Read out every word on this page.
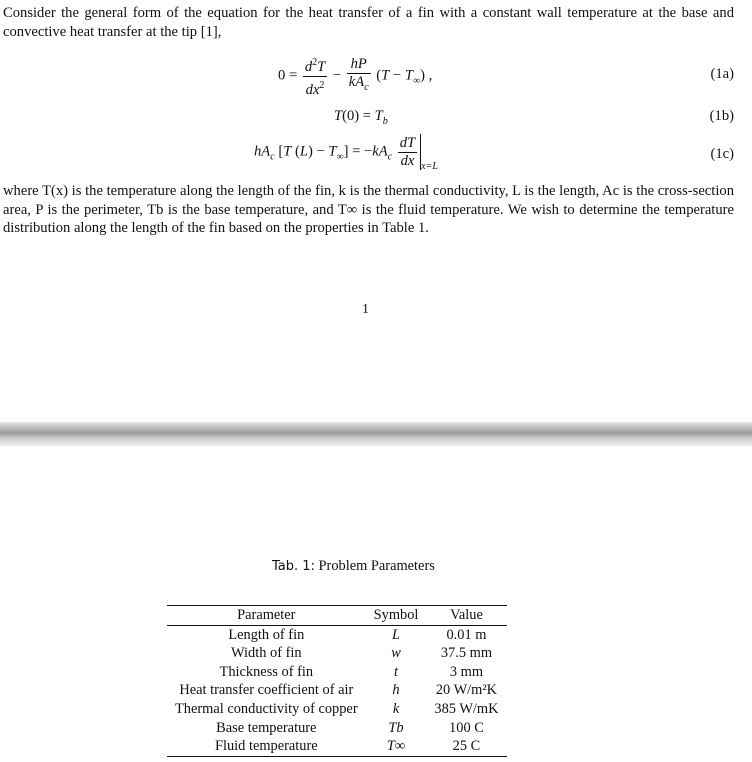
Consider the general form of the equation for the heat transfer of a fin with a constant wall temperature at the base and convective heat transfer at the tip [1],
$0 = \frac{d^2T}{dx^2} - \frac{hP}{kA_c} (T - T_\infty)$ ,	(1a)
$T(0) = T_b$	(1b)
$hA_c$ [T $(L) - T_\infty] = -kA_c \frac{dT}{dx} _{x=L}$
(1c)
where T(x) is the temperature along the length of the fin, k is the thermal conductivity, L is the length, Ac is the cross-section area, P is the perimeter, Tb is the base temperature, and T∞ is the fluid temperature. We wish to determine the temperature distribution along the length of the fin based on the properties in Table 1.
1
Tab. 1: Problem Parameters
Parameter	Symbol	Value
Length of fin	L	0.01 m
Width of fin	w	37.5 mm
Thickness of fin	t	3 mm
Heat transfer coefficient of air	h	20 W/m²K
Thermal conductivity of copper	k	385 W/mK
Base temperature	Tb	100 C
Fluid temperature	T∞	25 C
